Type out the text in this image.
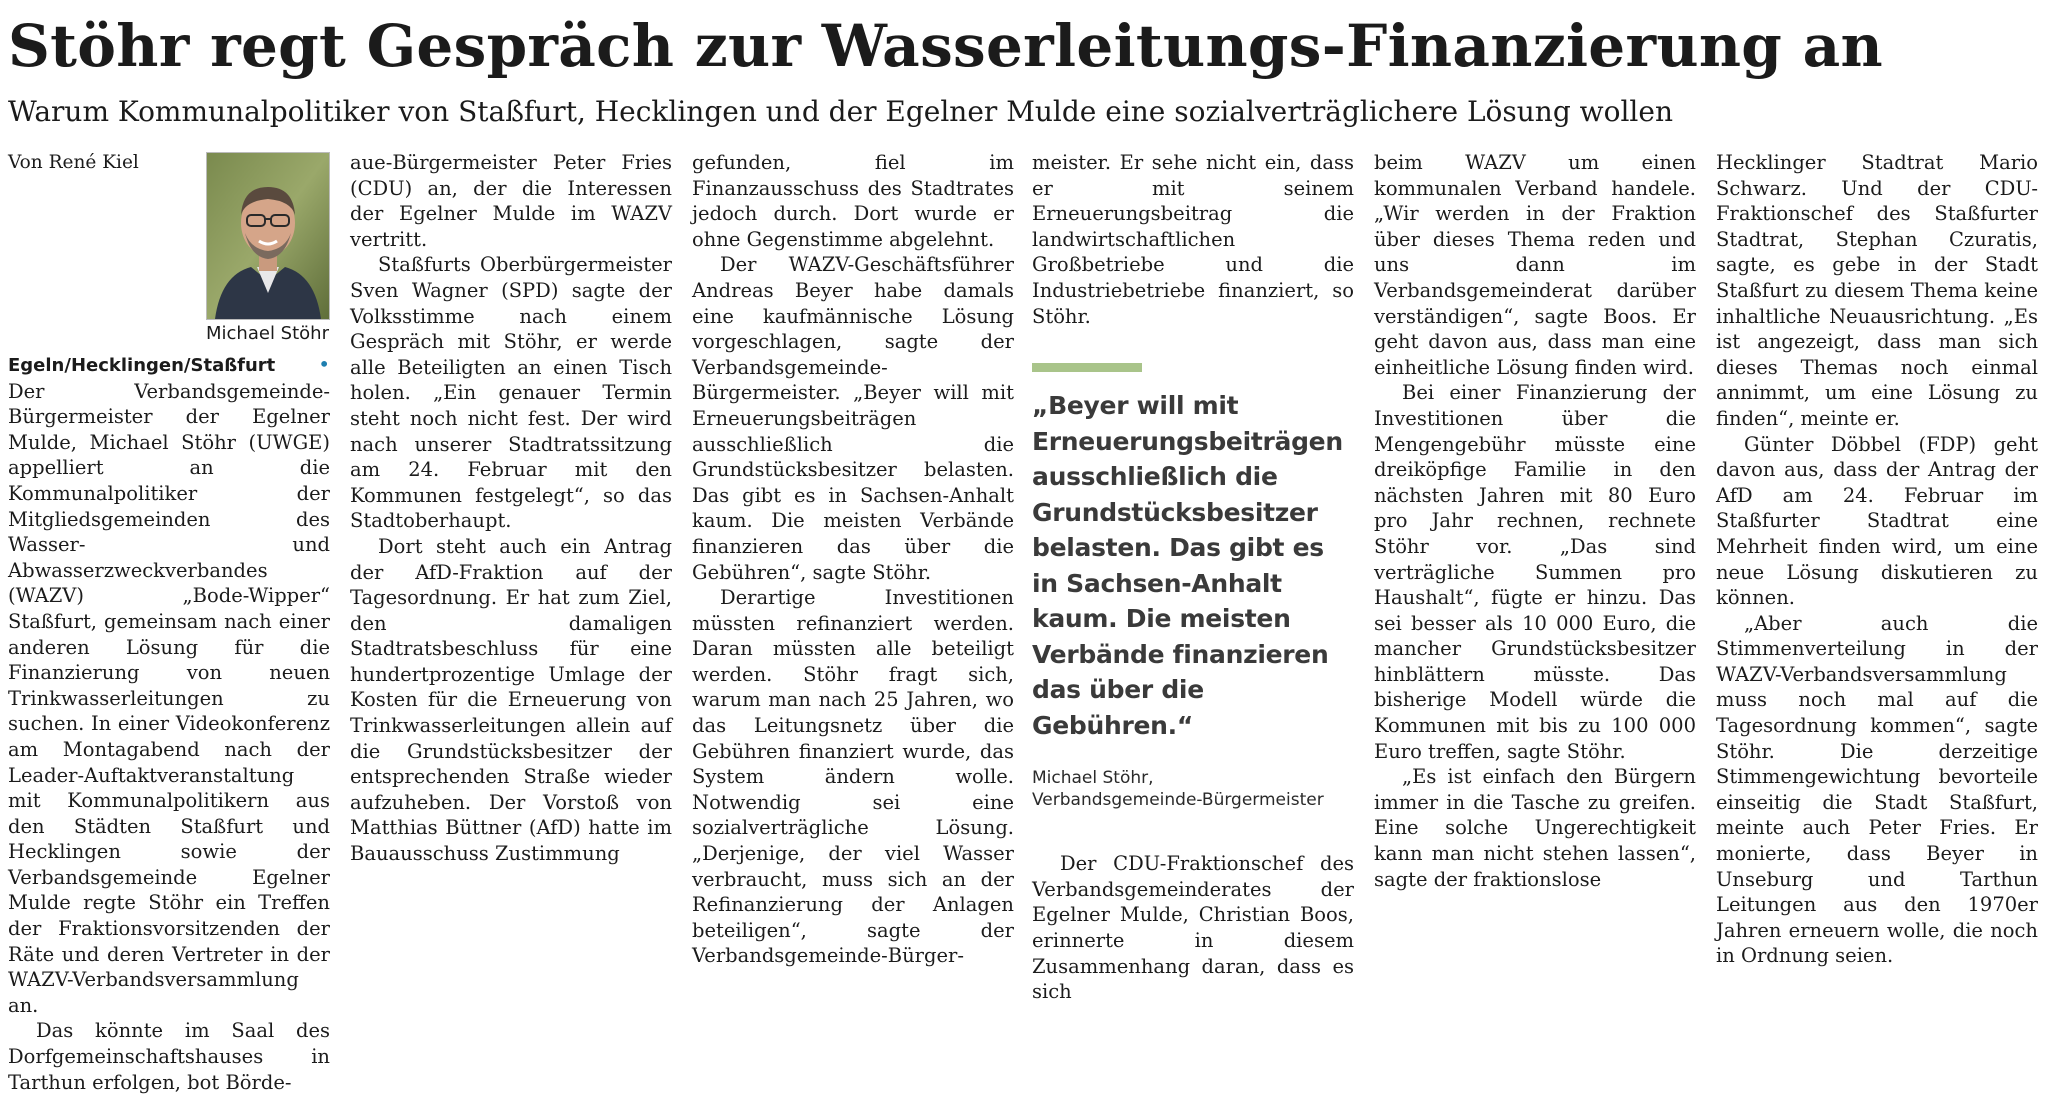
Stöhr regt Gespräch zur Wasserleitungs-Finanzierung an
Warum Kommunalpolitiker von Staßfurt, Hecklingen und der Egelner Mulde eine sozialverträglichere Lösung wollen
Michael Stöhr
Von René Kiel

Egeln/Hecklingen/Staßfurt • Der Verbandsgemeinde-Bürgermeister der Egelner Mulde, Michael Stöhr (UWGE) appelliert an die Kommunalpolitiker der Mitgliedsgemeinden des Wasser- und Abwasserzweckverbandes (WAZV) „Bode-Wipper“ Staßfurt, gemeinsam nach einer anderen Lösung für die Finanzierung von neuen Trinkwasserleitungen zu suchen. In einer Videokonferenz am Montagabend nach der Leader-Auftaktveranstaltung mit Kommunalpolitikern aus den Städten Staßfurt und Hecklingen sowie der Verbandsgemeinde Egelner Mulde regte Stöhr ein Treffen der Fraktionsvorsitzenden der Räte und deren Vertreter in der WAZV-Verbandsversammlung an.

Das könnte im Saal des Dorfgemeinschaftshauses in Tarthun erfolgen, bot Börde-

aue-Bürgermeister Peter Fries (CDU) an, der die Interessen der Egelner Mulde im WAZV vertritt.

Staßfurts Oberbürgermeister Sven Wagner (SPD) sagte der Volksstimme nach einem Gespräch mit Stöhr, er werde alle Beteiligten an einen Tisch holen. „Ein genauer Termin steht noch nicht fest. Der wird nach unserer Stadtratssitzung am 24. Februar mit den Kommunen festgelegt“, so das Stadtoberhaupt.

Dort steht auch ein Antrag der AfD-Fraktion auf der Tagesordnung. Er hat zum Ziel, den damaligen Stadtratsbeschluss für eine hundertprozentige Umlage der Kosten für die Erneuerung von Trinkwasserleitungen allein auf die Grundstücksbesitzer der entsprechenden Straße wieder aufzuheben. Der Vorstoß von Matthias Büttner (AfD) hatte im Bauausschuss Zustimmung

gefunden, fiel im Finanzausschuss des Stadtrates jedoch durch. Dort wurde er ohne Gegenstimme abgelehnt.

Der WAZV-Geschäftsführer Andreas Beyer habe damals eine kaufmännische Lösung vorgeschlagen, sagte der Verbandsgemeinde-Bürgermeister. „Beyer will mit Erneuerungsbeiträgen ausschließlich die Grundstücksbesitzer belasten. Das gibt es in Sachsen-Anhalt kaum. Die meisten Verbände finanzieren das über die Gebühren“, sagte Stöhr.

Derartige Investitionen müssten refinanziert werden. Daran müssten alle beteiligt werden. Stöhr fragt sich, warum man nach 25 Jahren, wo das Leitungsnetz über die Gebühren finanziert wurde, das System ändern wolle. Notwendig sei eine sozialverträgliche Lösung. „Derjenige, der viel Wasser verbraucht, muss sich an der Refinanzierung der Anlagen beteiligen“, sagte der Verbandsgemeinde-Bürger-

meister. Er sehe nicht ein, dass er mit seinem Erneuerungsbeitrag die landwirtschaftlichen Großbetriebe und die Industriebetriebe finanziert, so Stöhr.

„Beyer will mit Erneuerungsbeiträgen ausschließlich die Grundstücksbesitzer belasten. Das gibt es in Sachsen-Anhalt kaum. Die meisten Verbände finanzieren das über die Gebühren.“
Michael Stöhr,
Verbandsgemeinde-Bürgermeister

Der CDU-Fraktionschef des Verbandsgemeinderates der Egelner Mulde, Christian Boos, erinnerte in diesem Zusammenhang daran, dass es sich

beim WAZV um einen kommunalen Verband handele. „Wir werden in der Fraktion über dieses Thema reden und uns dann im Verbandsgemeinderat darüber verständigen“, sagte Boos. Er geht davon aus, dass man eine einheitliche Lösung finden wird.

Bei einer Finanzierung der Investitionen über die Mengengebühr müsste eine dreiköpfige Familie in den nächsten Jahren mit 80 Euro pro Jahr rechnen, rechnete Stöhr vor. „Das sind verträgliche Summen pro Haushalt“, fügte er hinzu. Das sei besser als 10 000 Euro, die mancher Grundstücksbesitzer hinblättern müsste. Das bisherige Modell würde die Kommunen mit bis zu 100 000 Euro treffen, sagte Stöhr.

„Es ist einfach den Bürgern immer in die Tasche zu greifen. Eine solche Ungerechtigkeit kann man nicht stehen lassen“, sagte der fraktionslose

Hecklinger Stadtrat Mario Schwarz. Und der CDU-Fraktionschef des Staßfurter Stadtrat, Stephan Czuratis, sagte, es gebe in der Stadt Staßfurt zu diesem Thema keine inhaltliche Neuausrichtung. „Es ist angezeigt, dass man sich dieses Themas noch einmal annimmt, um eine Lösung zu finden“, meinte er.

Günter Döbbel (FDP) geht davon aus, dass der Antrag der AfD am 24. Februar im Staßfurter Stadtrat eine Mehrheit finden wird, um eine neue Lösung diskutieren zu können.

„Aber auch die Stimmenverteilung in der WAZV-Verbandsversammlung muss noch mal auf die Tagesordnung kommen“, sagte Stöhr. Die derzeitige Stimmengewichtung bevorteile einseitig die Stadt Staßfurt, meinte auch Peter Fries. Er monierte, dass Beyer in Unseburg und Tarthun Leitungen aus den 1970er Jahren erneuern wolle, die noch in Ordnung seien.
